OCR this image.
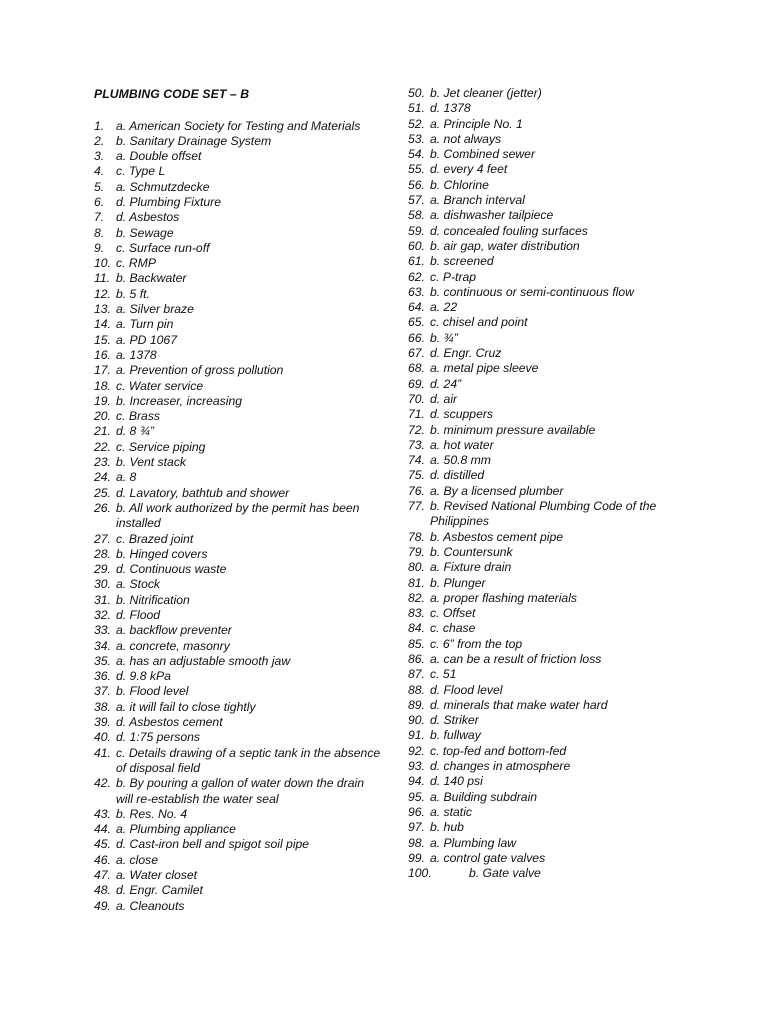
PLUMBING CODE SET – B
1. a. American Society for Testing and Materials
2. b. Sanitary Drainage System
3. a. Double offset
4. c. Type L
5. a. Schmutzdecke
6. d. Plumbing Fixture
7. d. Asbestos
8. b. Sewage
9. c. Surface run-off
10. c. RMP
11. b. Backwater
12. b. 5 ft.
13. a. Silver braze
14. a. Turn pin
15. a. PD 1067
16. a. 1378
17. a. Prevention of gross pollution
18. c. Water service
19. b. Increaser, increasing
20. c. Brass
21. d. 8 ¾”
22. c. Service piping
23. b. Vent stack
24. a. 8
25. d. Lavatory, bathtub and shower
26. b. All work authorized by the permit has been installed
27. c. Brazed joint
28. b. Hinged covers
29. d. Continuous waste
30. a. Stock
31. b. Nitrification
32. d. Flood
33. a. backflow preventer
34. a. concrete, masonry
35. a. has an adjustable smooth jaw
36. d. 9.8 kPa
37. b. Flood level
38. a. it will fail to close tightly
39. d. Asbestos cement
40. d. 1:75 persons
41. c. Details drawing of a septic tank in the absence of disposal field
42. b. By pouring a gallon of water down the drain will re-establish the water seal
43. b. Res. No. 4
44. a. Plumbing appliance
45. d. Cast-iron bell and spigot soil pipe
46. a. close
47. a. Water closet
48. d. Engr. Camilet
49. a. Cleanouts
50. b. Jet cleaner (jetter)
51. d. 1378
52. a. Principle No. 1
53. a. not always
54. b. Combined sewer
55. d. every 4 feet
56. b. Chlorine
57. a. Branch interval
58. a. dishwasher tailpiece
59. d. concealed fouling surfaces
60. b. air gap, water distribution
61. b. screened
62. c. P-trap
63. b. continuous or semi-continuous flow
64. a. 22
65. c. chisel and point
66. b. ¾”
67. d. Engr. Cruz
68. a. metal pipe sleeve
69. d. 24”
70. d. air
71. d. scuppers
72. b. minimum pressure available
73. a. hot water
74. a. 50.8 mm
75. d. distilled
76. a. By a licensed plumber
77. b. Revised National Plumbing Code of the Philippines
78. b. Asbestos cement pipe
79. b. Countersunk
80. a. Fixture drain
81. b. Plunger
82. a. proper flashing materials
83. c. Offset
84. c. chase
85. c. 6” from the top
86. a. can be a result of friction loss
87. c. 51
88. d. Flood level
89. d. minerals that make water hard
90. d. Striker
91. b. fullway
92. c. top-fed and bottom-fed
93. d. changes in atmosphere
94. d. 140 psi
95. a. Building subdrain
96. a. static
97. b. hub
98. a. Plumbing law
99. a. control gate valves
100.	b. Gate valve
